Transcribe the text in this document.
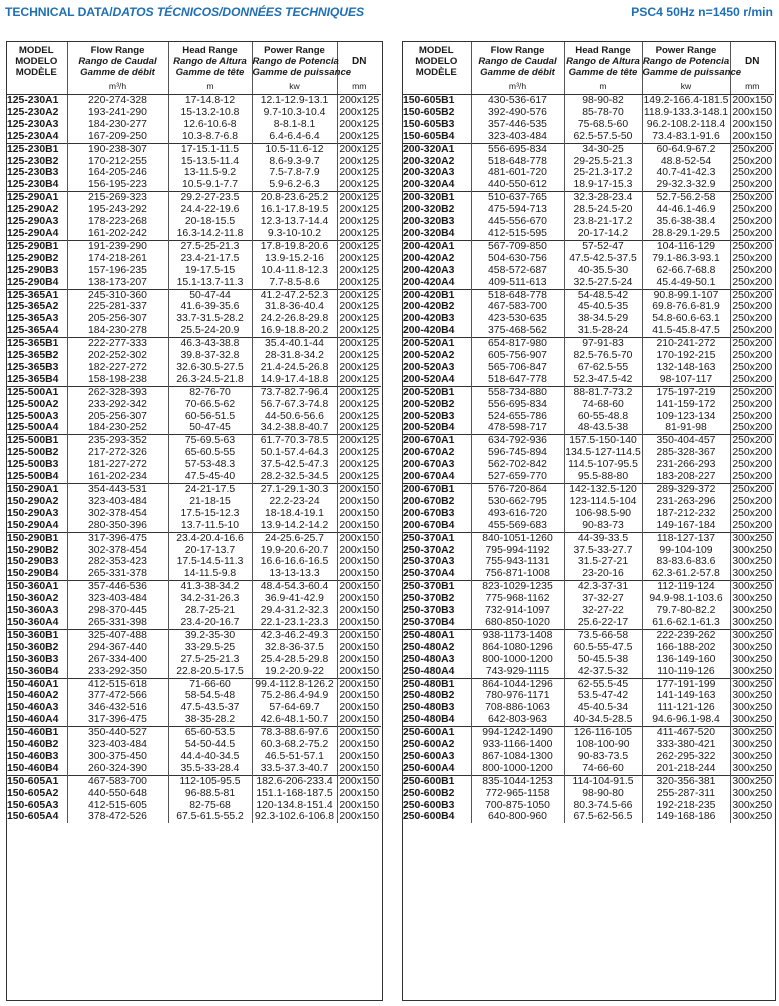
TECHNICAL DATA/DATOS TÉCNICOS/DONNÉES TECHNIQUES	PSC4 50Hz n=1450 r/min
MODEL	Flow Range	Head Range	Power Range	
MODELO	Rango de Caudal	Rango de Altura	Rango de Potencia	DN
MODÈLE	Gamme de débit	Gamme de tête	Gamme de puissance	
	m³/h	m	kw	mm
125-230A1	220-274-328	17-14.8-12	12.1-12.9-13.1	200x125
125-230A2	193-241-290	15-13.2-10.8	9.7-10.3-10.4	200x125
125-230A3	184-230-277	12.6-10.6-8	8-8.1-8.1	200x125
125-230A4	167-209-250	10.3-8.7-6.8	6.4-6.4-6.4	200x125
125-230B1	190-238-307	17-15.1-11.5	10.5-11.6-12	200x125
125-230B2	170-212-255	15-13.5-11.4	8.6-9.3-9.7	200x125
125-230B3	164-205-246	13-11.5-9.2	7.5-7.8-7.9	200x125
125-230B4	156-195-223	10.5-9.1-7.7	5.9-6.2-6.3	200x125
125-290A1	215-269-323	29.2-27-23.5	20.8-23.6-25.2	200x125
125-290A2	195-243-292	24.4-22-19.6	16.1-17.8-19.5	200x125
125-290A3	178-223-268	20-18-15.5	12.3-13.7-14.4	200x125
125-290A4	161-202-242	16.3-14.2-11.8	9.3-10-10.2	200x125
125-290B1	191-239-290	27.5-25-21.3	17.8-19.8-20.6	200x125
125-290B2	174-218-261	23.4-21-17.5	13.9-15.2-16	200x125
125-290B3	157-196-235	19-17.5-15	10.4-11.8-12.3	200x125
125-290B4	138-173-207	15.1-13.7-11.3	7.7-8.5-8.6	200x125
125-365A1	245-310-360	50-47-44	41.2-47.2-52.3	200x125
125-365A2	225-281-337	41.6-39-35.6	31.8-36-40.4	200x125
125-365A3	205-256-307	33.7-31.5-28.2	24.2-26.8-29.8	200x125
125-365A4	184-230-278	25.5-24-20.9	16.9-18.8-20.2	200x125
125-365B1	222-277-333	46.3-43-38.8	35.4-40.1-44	200x125
125-365B2	202-252-302	39.8-37-32.8	28-31.8-34.2	200x125
125-365B3	182-227-272	32.6-30.5-27.5	21.4-24.5-26.8	200x125
125-365B4	158-198-238	26.3-24.5-21.8	14.9-17.4-18.8	200x125
125-500A1	262-328-393	82-76-70	73.7-82.7-96.4	200x125
125-500A2	233-292-342	70-66.5-62	56.7-67.3-74.8	200x125
125-500A3	205-256-307	60-56-51.5	44-50.6-56.6	200x125
125-500A4	184-230-252	50-47-45	34.2-38.8-40.7	200x125
125-500B1	235-293-352	75-69.5-63	61.7-70.3-78.5	200x125
125-500B2	217-272-326	65-60.5-55	50.1-57.4-64.3	200x125
125-500B3	181-227-272	57-53-48.3	37.5-42.5-47.3	200x125
125-500B4	161-202-234	47.5-45-40	28.2-32.5-34.5	200x125
150-290A1	354-443-531	24-21-17.5	27.1-29.1-30.3	200x150
150-290A2	323-403-484	21-18-15	22.2-23-24	200x150
150-290A3	302-378-454	17.5-15-12.3	18-18.4-19.1	200x150
150-290A4	280-350-396	13.7-11.5-10	13.9-14.2-14.2	200x150
150-290B1	317-396-475	23.4-20.4-16.6	24-25.6-25.7	200x150
150-290B2	302-378-454	20-17-13.7	19.9-20.6-20.7	200x150
150-290B3	282-353-423	17.5-14.5-11.3	16.6-16.6-16.5	200x150
150-290B4	265-331-378	14-11.5-9.8	13-13-13.3	200x150
150-360A1	357-446-536	41.3-38-34.2	48.4-54.3-60.4	200x150
150-360A2	323-403-484	34.2-31-26.3	36.9-41-42.9	200x150
150-360A3	298-370-445	28.7-25-21	29.4-31.2-32.3	200x150
150-360A4	265-331-398	23.4-20-16.7	22.1-23.1-23.3	200x150
150-360B1	325-407-488	39.2-35-30	42.3-46.2-49.3	200x150
150-360B2	294-367-440	33-29.5-25	32.8-36-37.5	200x150
150-360B3	267-334-400	27.5-25-21.3	25.4-28.5-29.8	200x150
150-360B4	233-292-350	22.8-20.5-17.5	19.2-20.9-22	200x150
150-460A1	412-515-618	71-66-60	99.4-112.8-126.2	200x150
150-460A2	377-472-566	58-54.5-48	75.2-86.4-94.9	200x150
150-460A3	346-432-516	47.5-43.5-37	57-64-69.7	200x150
150-460A4	317-396-475	38-35-28.2	42.6-48.1-50.7	200x150
150-460B1	350-440-527	65-60-53.5	78.3-88.6-97.6	200x150
150-460B2	323-403-484	54-50-44.5	60.3-68.2-75.2	200x150
150-460B3	300-375-450	44.4-40-34.5	46.5-51-57.1	200x150
150-460B4	260-324-390	35.5-33-28.4	33.5-37.3-40.7	200x150
150-605A1	467-583-700	112-105-95.5	182.6-206-233.4	200x150
150-605A2	440-550-648	96-88.5-81	151.1-168-187.5	200x150
150-605A3	412-515-605	82-75-68	120-134.8-151.4	200x150
150-605A4	378-472-526	67.5-61.5-55.2	92.3-102.6-106.8	200x150
MODEL	Flow Range	Head Range	Power Range	
MODELO	Rango de Caudal	Rango de Altura	Rango de Potencia	DN
MODÈLE	Gamme de débit	Gamme de tête	Gamme de puissance	
	m³/h	m	kw	mm
150-605B1	430-536-617	98-90-82	149.2-166.4-181.5	200x150
150-605B2	392-490-576	85-78-70	118.9-133.3-148.1	200x150
150-605B3	357-446-535	75-68.5-60	96.2-108.2-118.4	200x150
150-605B4	323-403-484	62.5-57.5-50	73.4-83.1-91.6	200x150
200-320A1	556-695-834	34-30-25	60-64.9-67.2	250x200
200-320A2	518-648-778	29-25.5-21.3	48.8-52-54	250x200
200-320A3	481-601-720	25-21.3-17.2	40.7-41-42.3	250x200
200-320A4	440-550-612	18.9-17-15.3	29-32.3-32.9	250x200
200-320B1	510-637-765	32.3-28-23.4	52.7-56.2-58	250x200
200-320B2	475-594-713	28.5-24.5-20	44-46.1-46.9	250x200
200-320B3	445-556-670	23.8-21-17.2	35.6-38-38.4	250x200
200-320B4	412-515-595	20-17-14.2	28.8-29.1-29.5	250x200
200-420A1	567-709-850	57-52-47	104-116-129	250x200
200-420A2	504-630-756	47.5-42.5-37.5	79.1-86.3-93.1	250x200
200-420A3	458-572-687	40-35.5-30	62-66.7-68.8	250x200
200-420A4	409-511-613	32.5-27.5-24	45.4-49-50.1	250x200
200-420B1	518-648-778	54-48.5-42	90.8-99.1-107	250x200
200-420B2	467-583-700	45-40.5-35	69.8-76.6-81.9	250x200
200-420B3	423-530-635	38-34.5-29	54.8-60.6-63.1	250x200
200-420B4	375-468-562	31.5-28-24	41.5-45.8-47.5	250x200
200-520A1	654-817-980	97-91-83	210-241-272	250x200
200-520A2	605-756-907	82.5-76.5-70	170-192-215	250x200
200-520A3	565-706-847	67-62.5-55	132-148-163	250x200
200-520A4	518-647-778	52.3-47.5-42	98-107-117	250x200
200-520B1	558-734-880	88-81.7-73.2	175-197-219	250x200
200-520B2	556-695-834	74-68-60	141-159-172	250x200
200-520B3	524-655-786	60-55-48.8	109-123-134	250x200
200-520B4	478-598-717	48-43.5-38	81-91-98	250x200
200-670A1	634-792-936	157.5-150-140	350-404-457	250x200
200-670A2	596-745-894	134.5-127-114.5	285-328-367	250x200
200-670A3	562-702-842	114.5-107-95.5	231-266-293	250x200
200-670A4	527-659-770	95.5-88-80	183-208-227	250x200
200-670B1	576-720-864	142-132.5-120	289-329-372	250x200
200-670B2	530-662-795	123-114.5-104	231-263-296	250x200
200-670B3	493-616-720	106-98.5-90	187-212-232	250x200
200-670B4	455-569-683	90-83-73	149-167-184	250x200
250-370A1	840-1051-1260	44-39-33.5	118-127-137	300x250
250-370A2	795-994-1192	37.5-33-27.7	99-104-109	300x250
250-370A3	755-943-1131	31.5-27-21	83-83.6-83.6	300x250
250-370A4	756-871-1008	23-20-16	62.3-61.2-57.8	300x250
250-370B1	823-1029-1235	42.3-37-31	112-119-124	300x250
250-370B2	775-968-1162	37-32-27	94.9-98.1-103.6	300x250
250-370B3	732-914-1097	32-27-22	79.7-80-82.2	300x250
250-370B4	680-850-1020	25.6-22-17	61.6-62.1-61.3	300x250
250-480A1	938-1173-1408	73.5-66-58	222-239-262	300x250
250-480A2	864-1080-1296	60.5-55-47.5	166-188-202	300x250
250-480A3	800-1000-1200	50-45.5-38	136-149-160	300x250
250-480A4	743-929-1115	42-37.5-32	110-119-126	300x250
250-480B1	864-1044-1296	62-55.5-45	177-191-199	300x250
250-480B2	780-976-1171	53.5-47-42	141-149-163	300x250
250-480B3	708-886-1063	45-40.5-34	111-121-126	300x250
250-480B4	642-803-963	40-34.5-28.5	94.6-96.1-98.4	300x250
250-600A1	994-1242-1490	126-116-105	411-467-520	300x250
250-600A2	933-1166-1400	108-100-90	333-380-421	300x250
250-600A3	867-1084-1300	90-83-73.5	262-295-322	300x250
250-600A4	800-1000-1200	74-66-60	201-218-244	300x250
250-600B1	835-1044-1253	114-104-91.5	320-356-381	300x250
250-600B2	772-965-1158	98-90-80	255-287-311	300x250
250-600B3	700-875-1050	80.3-74.5-66	192-218-235	300x250
250-600B4	640-800-960	67.5-62-56.5	149-168-186	300x250
